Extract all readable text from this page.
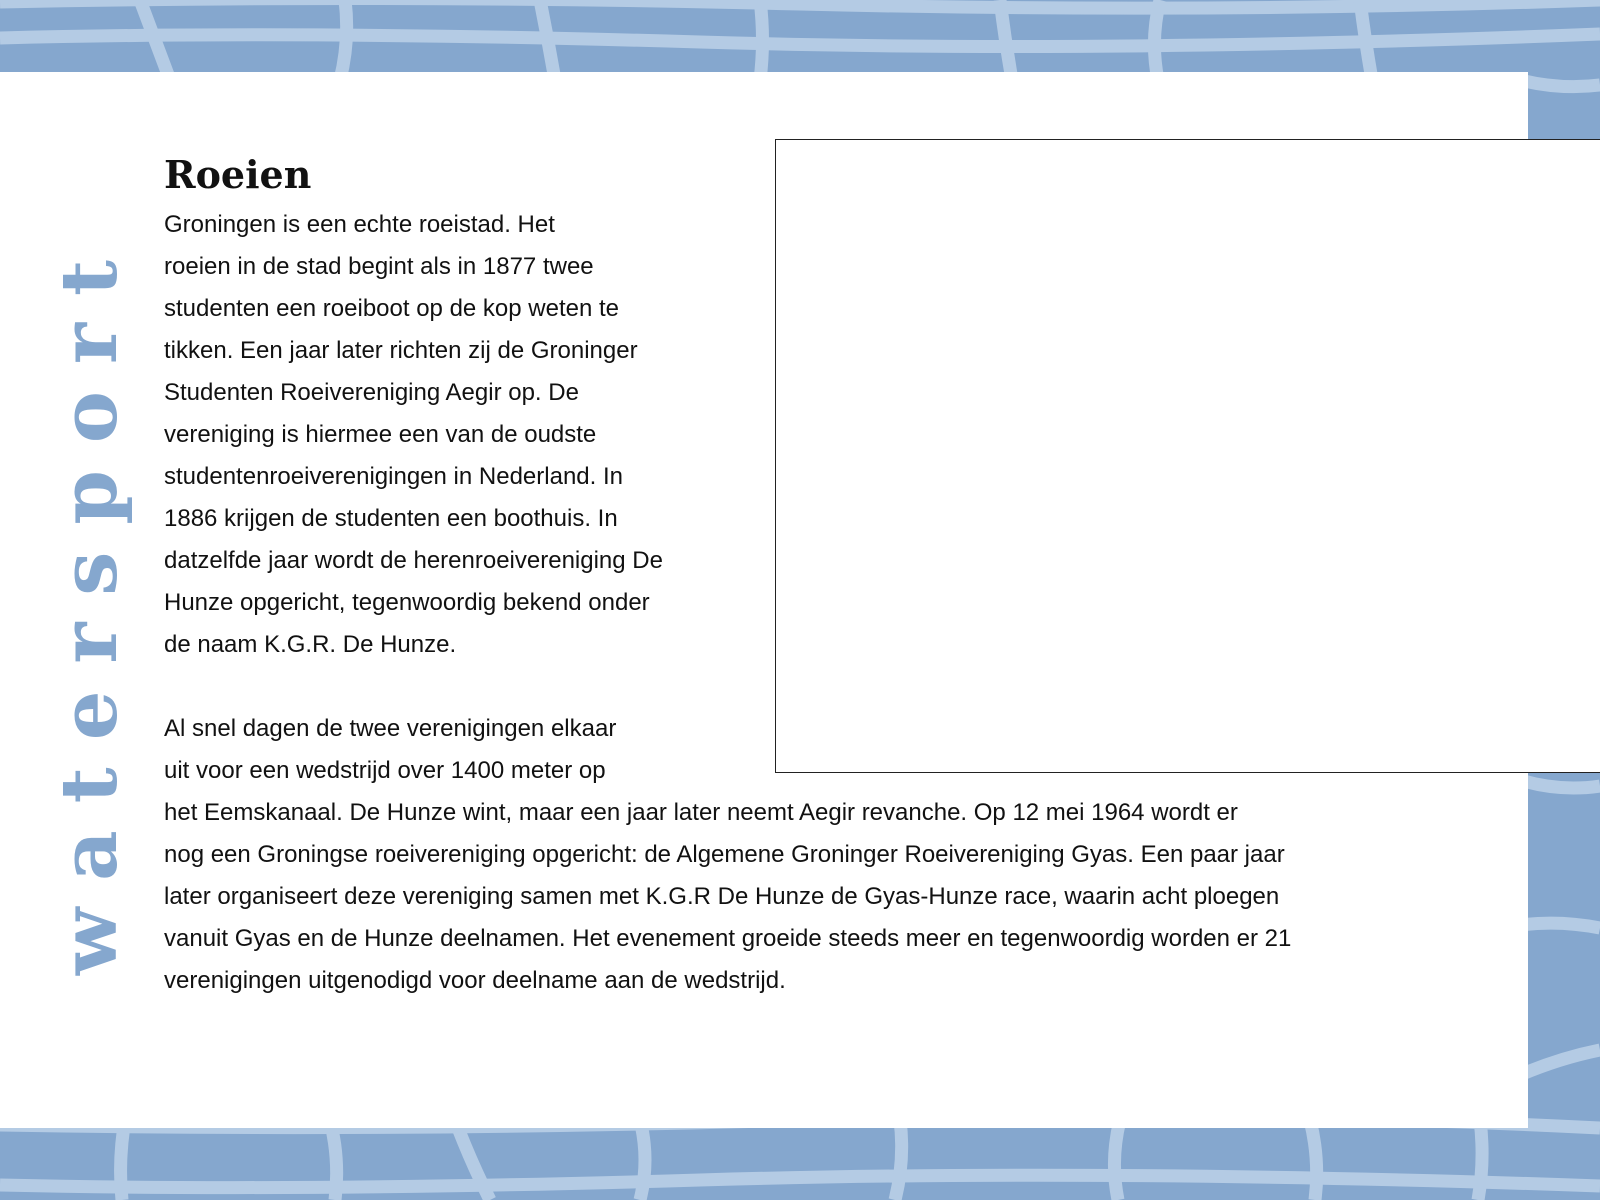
watersport
Roeien
Groningen is een echte roeistad. Het
roeien in de stad begint als in 1877 twee
studenten een roeiboot op de kop weten te
tikken. Een jaar later richten zij de Groninger
Studenten Roeivereniging Aegir op. De
vereniging is hiermee een van de oudste
studentenroeiverenigingen in Nederland. In
1886 krijgen de studenten een boothuis. In
datzelfde jaar wordt de herenroeivereniging De
Hunze opgericht, tegenwoordig bekend onder
de naam K.G.R. De Hunze.
Al snel dagen de twee verenigingen elkaar
uit voor een wedstrijd over 1400 meter op
het Eemskanaal. De Hunze wint, maar een jaar later neemt Aegir revanche. Op 12 mei 1964 wordt er
nog een Groningse roeivereniging opgericht: de Algemene Groninger Roeivereniging Gyas. Een paar jaar
later organiseert deze vereniging samen met K.G.R De Hunze de Gyas-Hunze race, waarin acht ploegen
vanuit Gyas en de Hunze deelnamen. Het evenement groeide steeds meer en tegenwoordig worden er 21
verenigingen uitgenodigd voor deelname aan de wedstrijd.
